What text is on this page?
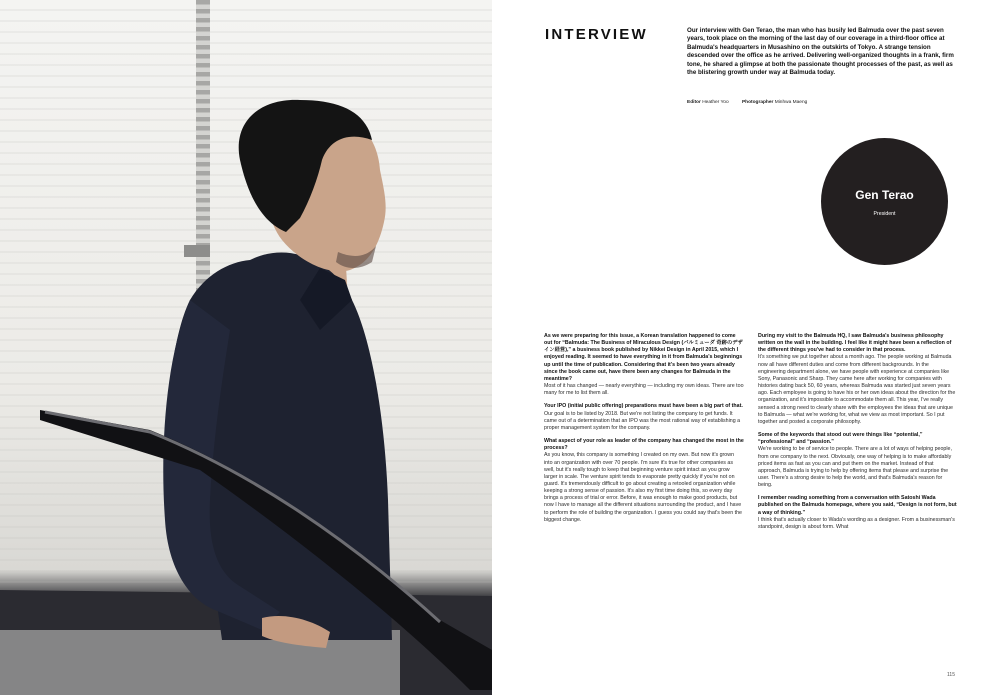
INTERVIEW	Our interview with Gen Terao, the man who has busily led Balmuda over the past seven years, took place on the morning of the last day of our coverage in a third-floor office at Balmuda's headquarters in Musashino on the outskirts of Tokyo. A strange tension descended over the office as he arrived. Delivering well-organized thoughts in a frank, firm tone, he shared a glimpse at both the passionate thought processes of the past, as well as the blistering growth under way at Balmuda today.
Editor Heather Yoo	Photographer Minhwa Maeng
Gen Terao
President
As we were preparing for this issue, a Korean translation happened to come out for “Balmuda: The Business of Miraculous Design (バルミューダ 奇跡のデザイン経営),” a business book published by Nikkei Design in April 2015, which I enjoyed reading. It seemed to have everything in it from Balmuda's beginnings up until the time of publication. Considering that it's been two years already since the book came out, have there been any changes for Balmuda in the meantime?
Most of it has changed — nearly everything — including my own ideas. There are too many for me to list them all.
Your IPO (initial public offering) preparations must have been a big part of that.
Our goal is to be listed by 2018. But we're not listing the company to get funds. It came out of a determination that an IPO was the most rational way of establishing a proper management system for the company.
What aspect of your role as leader of the company has changed the most in the process?
As you know, this company is something I created on my own. But now it's grown into an organization with over 70 people. I'm sure it's true for other companies as well, but it's really tough to keep that beginning venture spirit intact as you grow larger in scale. The venture spirit tends to evaporate pretty quickly if you're not on guard. It's tremendously difficult to go about creating a retooled organization while keeping a strong sense of passion. It's also my first time doing this, so every day brings a process of trial or error. Before, it was enough to make good products, but now I have to manage all the different situations surrounding the product, and I have to perform the role of building the organization. I guess you could say that's been the biggest change.
During my visit to the Balmuda HQ, I saw Balmuda's business philosophy written on the wall in the building. I feel like it might have been a reflection of the different things you've had to consider in that process.
It's something we put together about a month ago. The people working at Balmuda now all have different duties and come from different backgrounds. In the engineering department alone, we have people with experience at companies like Sony, Panasonic and Sharp. They came here after working for companies with histories dating back 50, 60 years, whereas Balmuda was started just seven years ago. Each employee is going to have his or her own ideas about the direction for the organization, and it's impossible to accommodate them all. This year, I've really sensed a strong need to clearly share with the employees the ideas that are unique to Balmuda — what we're working for, what we view as most important. So I put together and posted a corporate philosophy.
Some of the keywords that stood out were things like “potential,” “professional” and “passion.”
We're working to be of service to people. There are a lot of ways of helping people, from one company to the next. Obviously, one way of helping is to make affordably priced items as fast as you can and put them on the market. Instead of that approach, Balmuda is trying to help by offering items that please and surprise the user. There's a strong desire to help the world, and that's Balmuda's reason for being.
I remember reading something from a conversation with Satoshi Wada published on the Balmuda homepage, where you said, “Design is not form, but a way of thinking.”
I think that's actually closer to Wada's wording as a designer. From a businessman's standpoint, design is about form. What
115
